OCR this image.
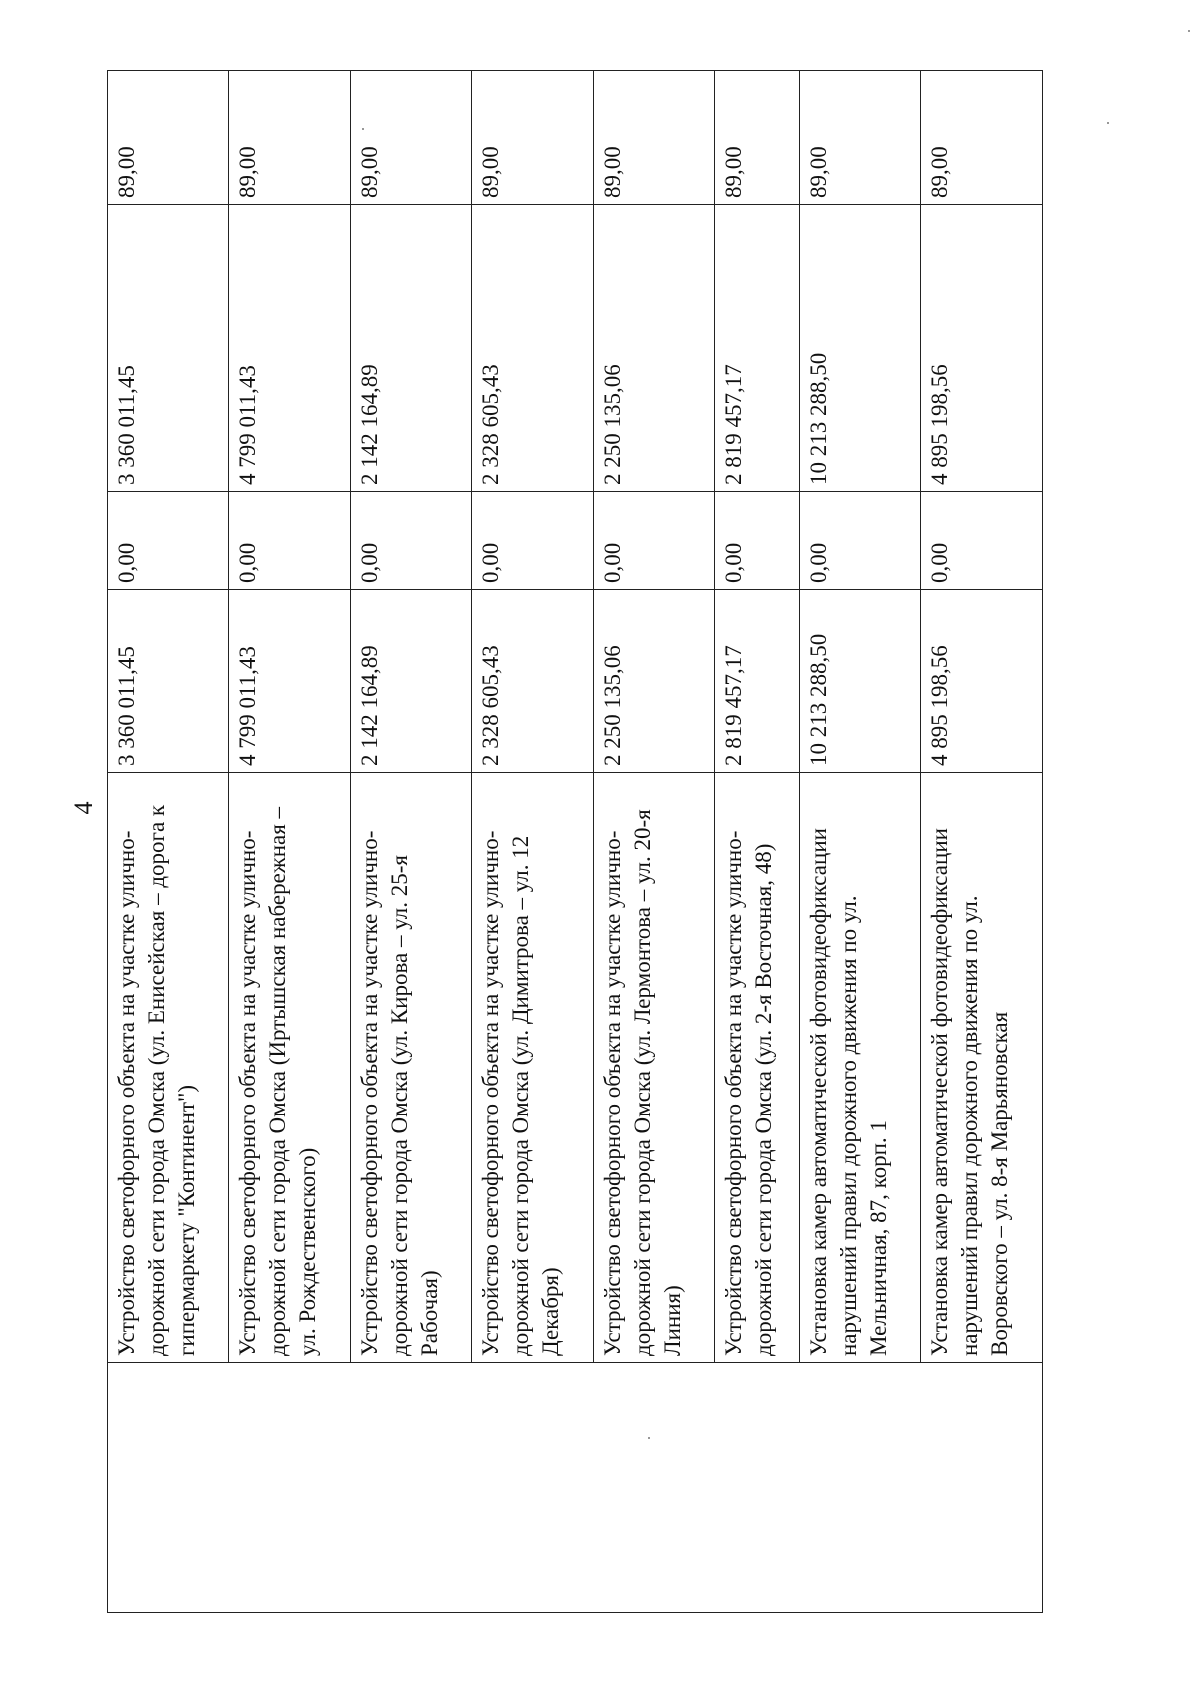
4
	Устройство светофорного объекта на участке улично-дорожной сети города Омска (ул. Енисейская – дорога к гипермаркету "Континент")	3 360 011,45	0,00	3 360 011,45	89,00
	Устройство светофорного объекта на участке улично-дорожной сети города Омска (Иртышская набережная – ул. Рождественского)	4 799 011,43	0,00	4 799 011,43	89,00
	Устройство светофорного объекта на участке улично-дорожной сети города Омска (ул. Кирова – ул. 25-я Рабочая)	2 142 164,89	0,00	2 142 164,89	89,00
	Устройство светофорного объекта на участке улично-дорожной сети города Омска (ул. Димитрова – ул. 12 Декабря)	2 328 605,43	0,00	2 328 605,43	89,00
	Устройство светофорного объекта на участке улично-дорожной сети города Омска (ул. Лермонтова – ул. 20-я Линия)	2 250 135,06	0,00	2 250 135,06	89,00
	Устройство светофорного объекта на участке улично-дорожной сети города Омска (ул. 2-я Восточная, 48)	2 819 457,17	0,00	2 819 457,17	89,00
	Установка камер автоматической фотовидеофиксации нарушений правил дорожного движения по ул. Мельничная, 87, корп. 1	10 213 288,50	0,00	10 213 288,50	89,00
	Установка камер автоматической фотовидеофиксации нарушений правил дорожного движения по ул. Воровского – ул. 8-я Марьяновская	4 895 198,56	0,00	4 895 198,56	89,00
